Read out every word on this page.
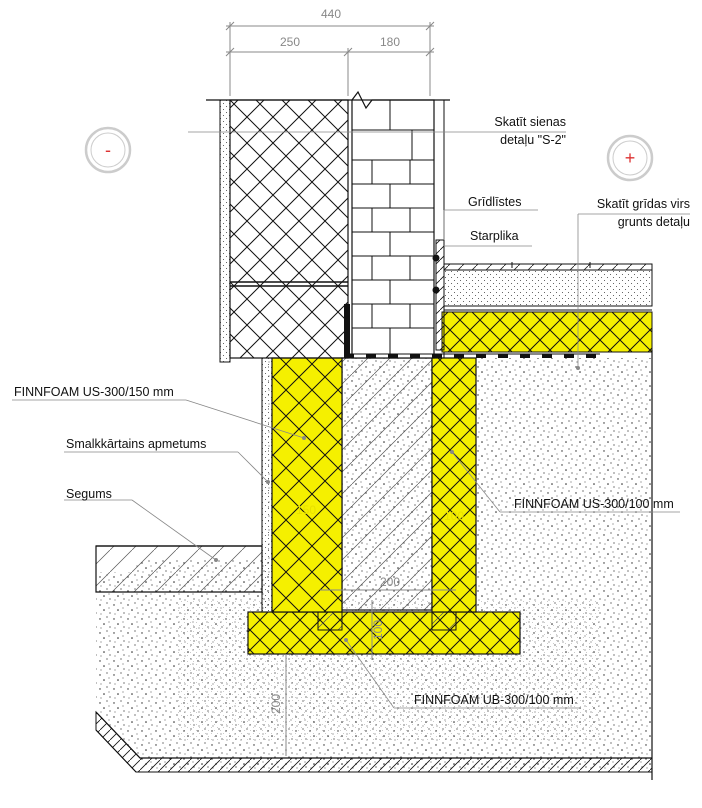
440
250	180
200
100
200
150	100
-	+
Skatīt sienas
detaļu "S-2"
Grīdlīstes
Starplika
Skatīt grīdas virs
grunts detaļu
FINNFOAM US-300/150 mm
Smalkkārtains apmetums
Segums
FINNFOAM US-300/100 mm
FINNFOAM UB-300/100 mm
